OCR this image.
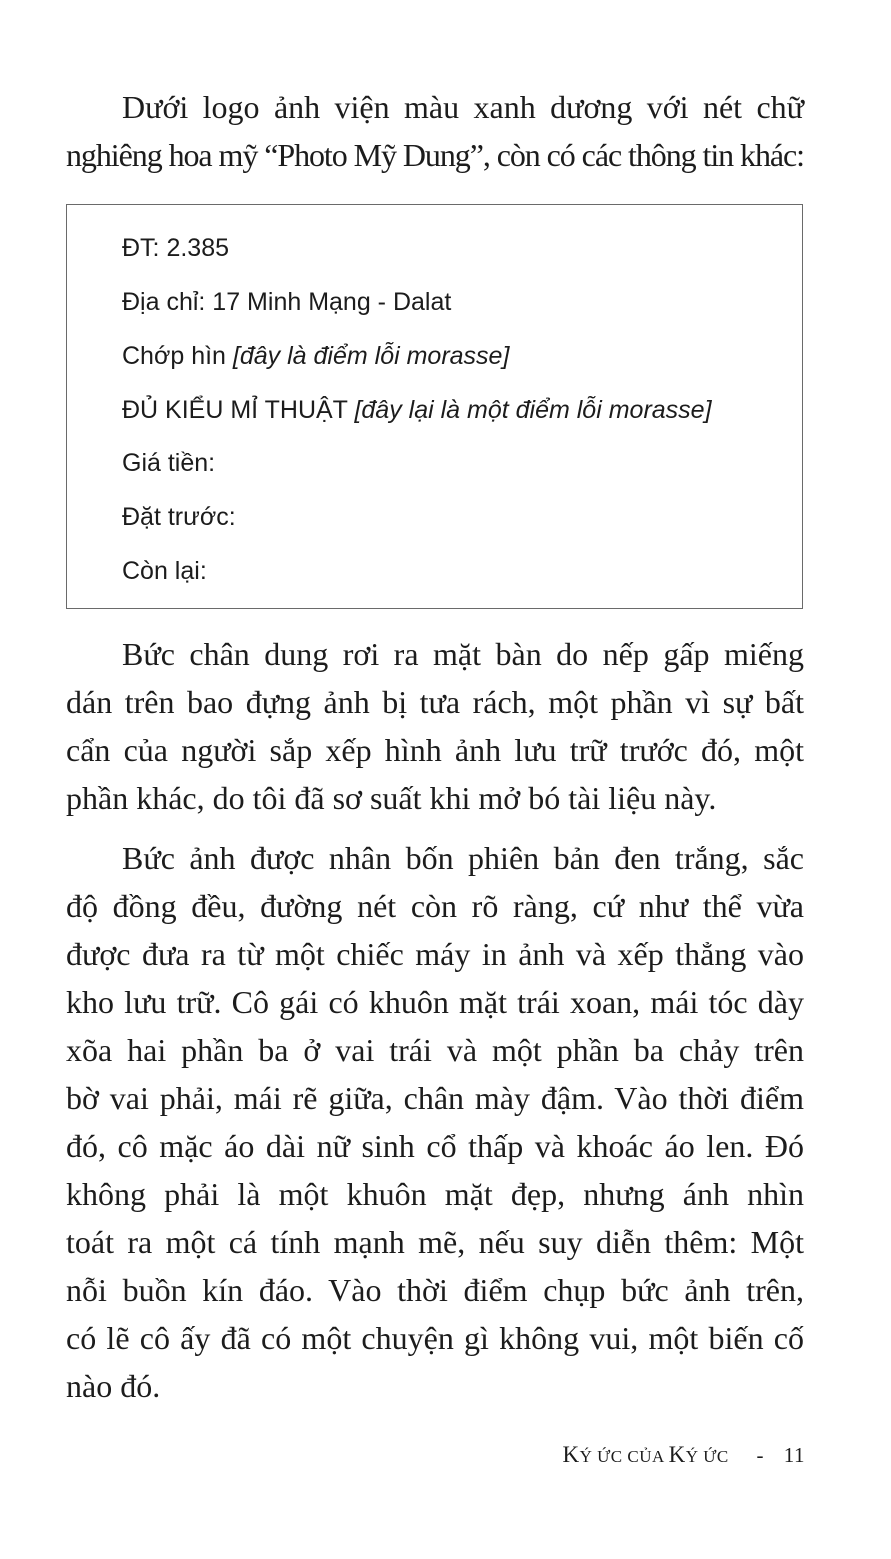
Dưới logo ảnh viện màu xanh dương với nét chữ
nghiêng hoa mỹ “Photo Mỹ Dung”, còn có các thông tin khác:
ĐT: 2.385
Địa chỉ: 17 Minh Mạng - Dalat
Chớp hìn [đây là điểm lỗi morasse]
ĐỦ KIỂU MỈ THUẬT [đây lại là một điểm lỗi morasse]
Giá tiền:
Đặt trước:
Còn lại:
Bức chân dung rơi ra mặt bàn do nếp gấp miếng
dán trên bao đựng ảnh bị tưa rách, một phần vì sự bất
cẩn của người sắp xếp hình ảnh lưu trữ trước đó, một
phần khác, do tôi đã sơ suất khi mở bó tài liệu này.
Bức ảnh được nhân bốn phiên bản đen trắng, sắc
độ đồng đều, đường nét còn rõ ràng, cứ như thể vừa
được đưa ra từ một chiếc máy in ảnh và xếp thẳng vào
kho lưu trữ. Cô gái có khuôn mặt trái xoan, mái tóc dày
xõa hai phần ba ở vai trái và một phần ba chảy trên
bờ vai phải, mái rẽ giữa, chân mày đậm. Vào thời điểm
đó, cô mặc áo dài nữ sinh cổ thấp và khoác áo len. Đó
không phải là một khuôn mặt đẹp, nhưng ánh nhìn
toát ra một cá tính mạnh mẽ, nếu suy diễn thêm: Một
nỗi buồn kín đáo. Vào thời điểm chụp bức ảnh trên,
có lẽ cô ấy đã có một chuyện gì không vui, một biến cố
nào đó.
KÝ ỨC CỦA KÝ ỨC - 11
